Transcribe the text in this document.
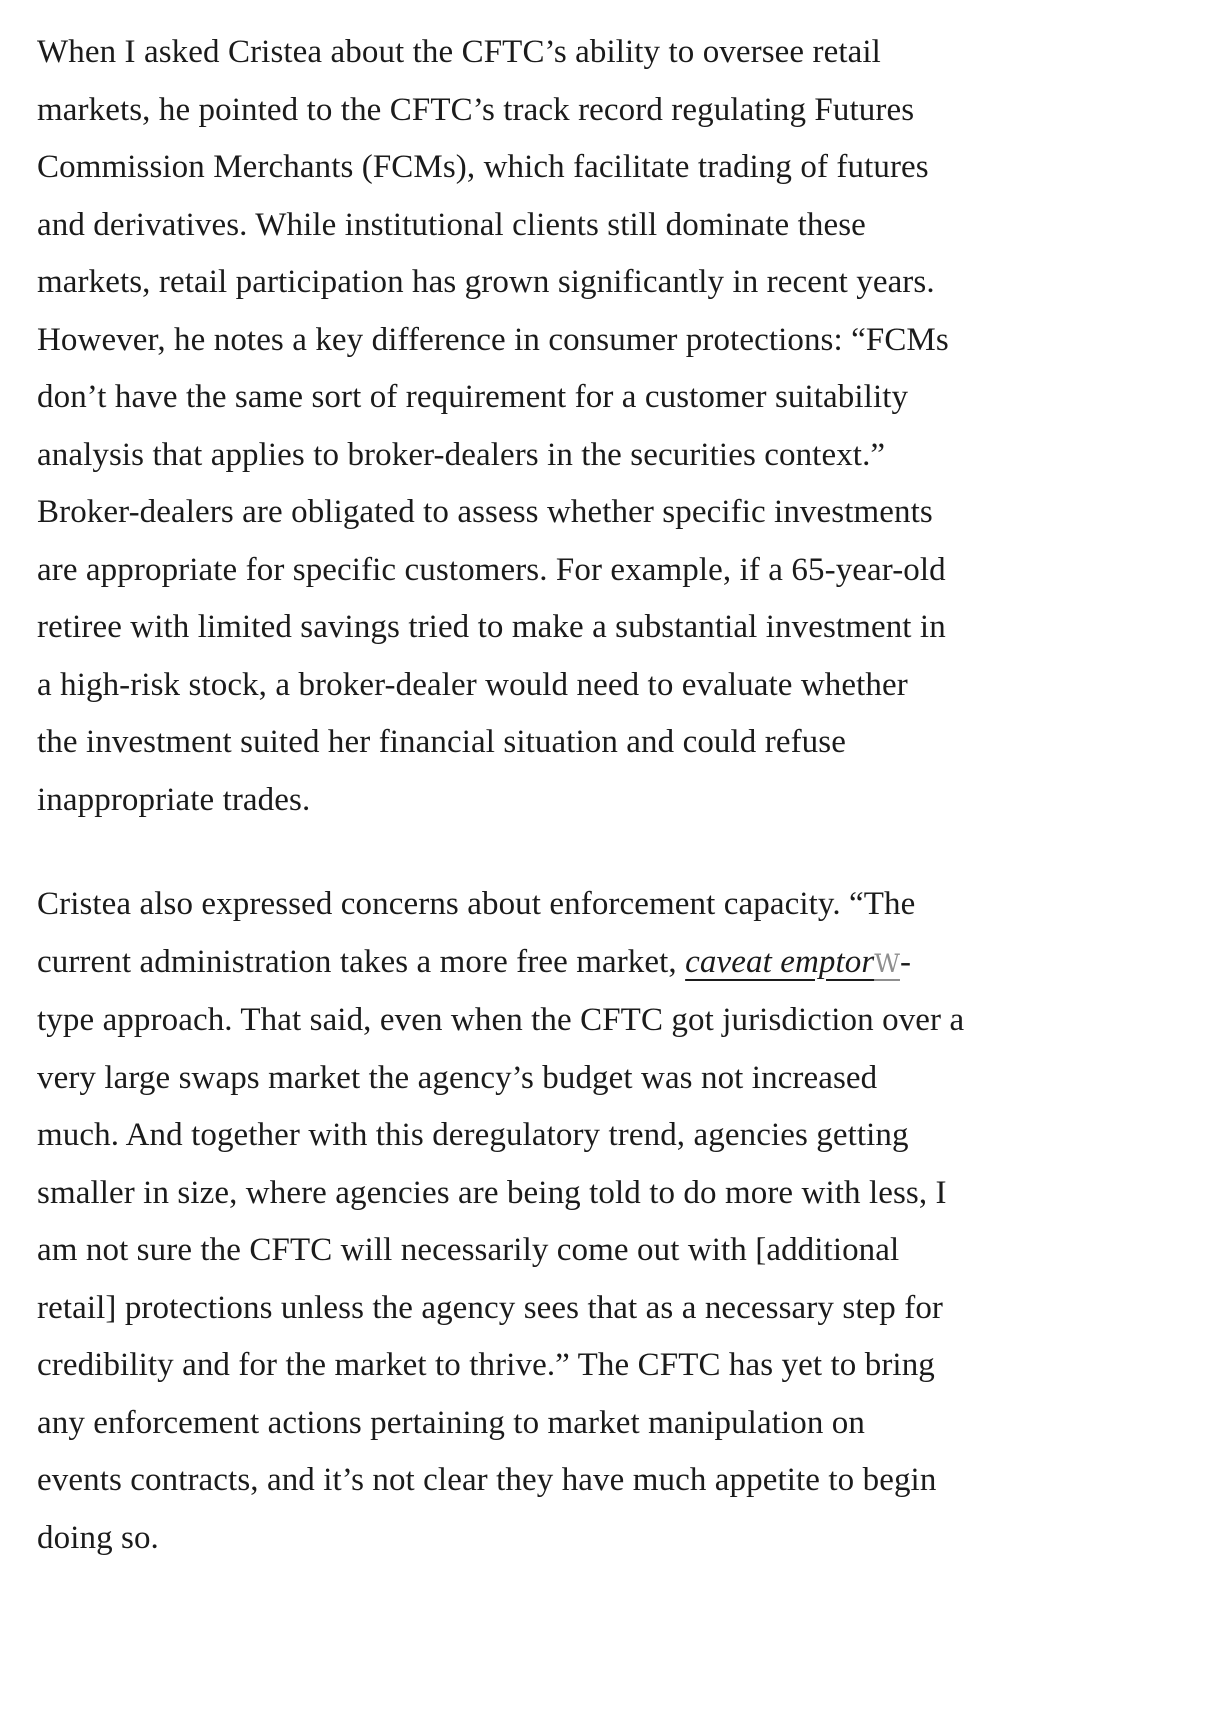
When I asked Cristea about the CFTC’s ability to oversee retail
markets, he pointed to the CFTC’s track record regulating Futures
Commission Merchants (FCMs), which facilitate trading of futures
and derivatives. While institutional clients still dominate these
markets, retail participation has grown significantly in recent years.
However, he notes a key difference in consumer protections: “FCMs
don’t have the same sort of requirement for a customer suitability
analysis that applies to broker-dealers in the securities context.”
Broker-dealers are obligated to assess whether specific investments
are appropriate for specific customers. For example, if a 65-year-old
retiree with limited savings tried to make a substantial investment in
a high-risk stock, a broker-dealer would need to evaluate whether
the investment suited her financial situation and could refuse
inappropriate trades.
Cristea also expressed concerns about enforcement capacity. “The
current administration takes a more free market, caveat emptorW-
type approach. That said, even when the CFTC got jurisdiction over a
very large swaps market the agency’s budget was not increased
much. And together with this deregulatory trend, agencies getting
smaller in size, where agencies are being told to do more with less, I
am not sure the CFTC will necessarily come out with [additional
retail] protections unless the agency sees that as a necessary step for
credibility and for the market to thrive.” The CFTC has yet to bring
any enforcement actions pertaining to market manipulation on
events contracts, and it’s not clear they have much appetite to begin
doing so.
